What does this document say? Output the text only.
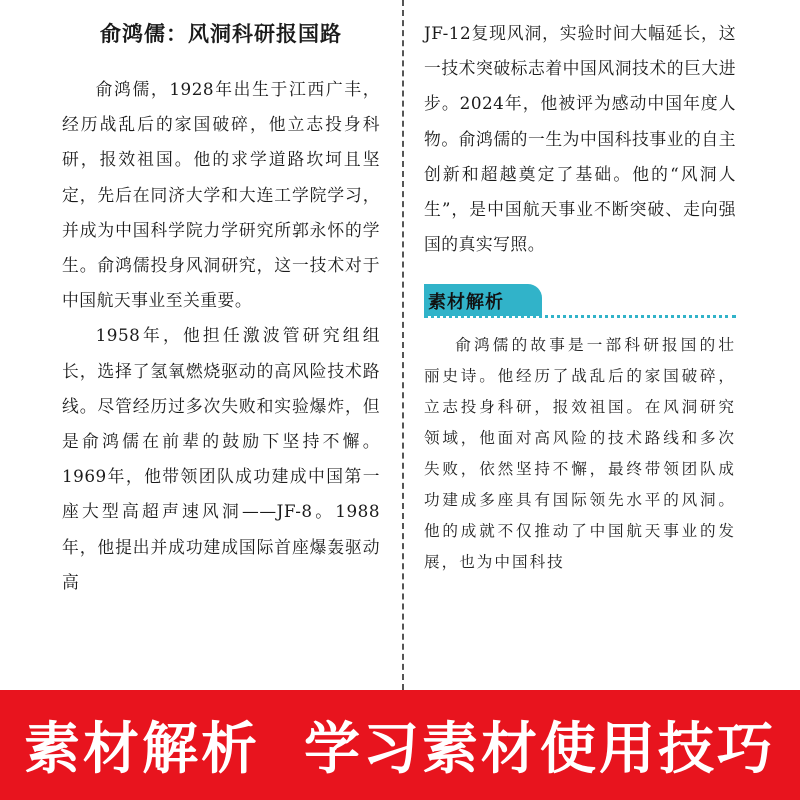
俞鸿儒：风洞科研报国路

俞鸿儒，1928年出生于江西广丰，经历战乱后的家国破碎，他立志投身科研，报效祖国。他的求学道路坎坷且坚定，先后在同济大学和大连工学院学习，并成为中国科学院力学研究所郭永怀的学生。俞鸿儒投身风洞研究，这一技术对于中国航天事业至关重要。

1958年，他担任激波管研究组组长，选择了氢氧燃烧驱动的高风险技术路线。尽管经历过多次失败和实验爆炸，但是俞鸿儒在前辈的鼓励下坚持不懈。1969年，他带领团队成功建成中国第一座大型高超声速风洞——JF-8。1988年，他提出并成功建成国际首座爆轰驱动高

JF-12复现风洞，实验时间大幅延长，这一技术突破标志着中国风洞技术的巨大进步。2024年，他被评为感动中国年度人物。俞鸿儒的一生为中国科技事业的自主创新和超越奠定了基础。他的“风洞人生”，是中国航天事业不断突破、走向强国的真实写照。

素材解析

俞鸿儒的故事是一部科研报国的壮丽史诗。他经历了战乱后的家国破碎，立志投身科研，报效祖国。在风洞研究领域，他面对高风险的技术路线和多次失败，依然坚持不懈，最终带领团队成功建成多座具有国际领先水平的风洞。他的成就不仅推动了中国航天事业的发展，也为中国科技

素材解析 学习素材使用技巧
